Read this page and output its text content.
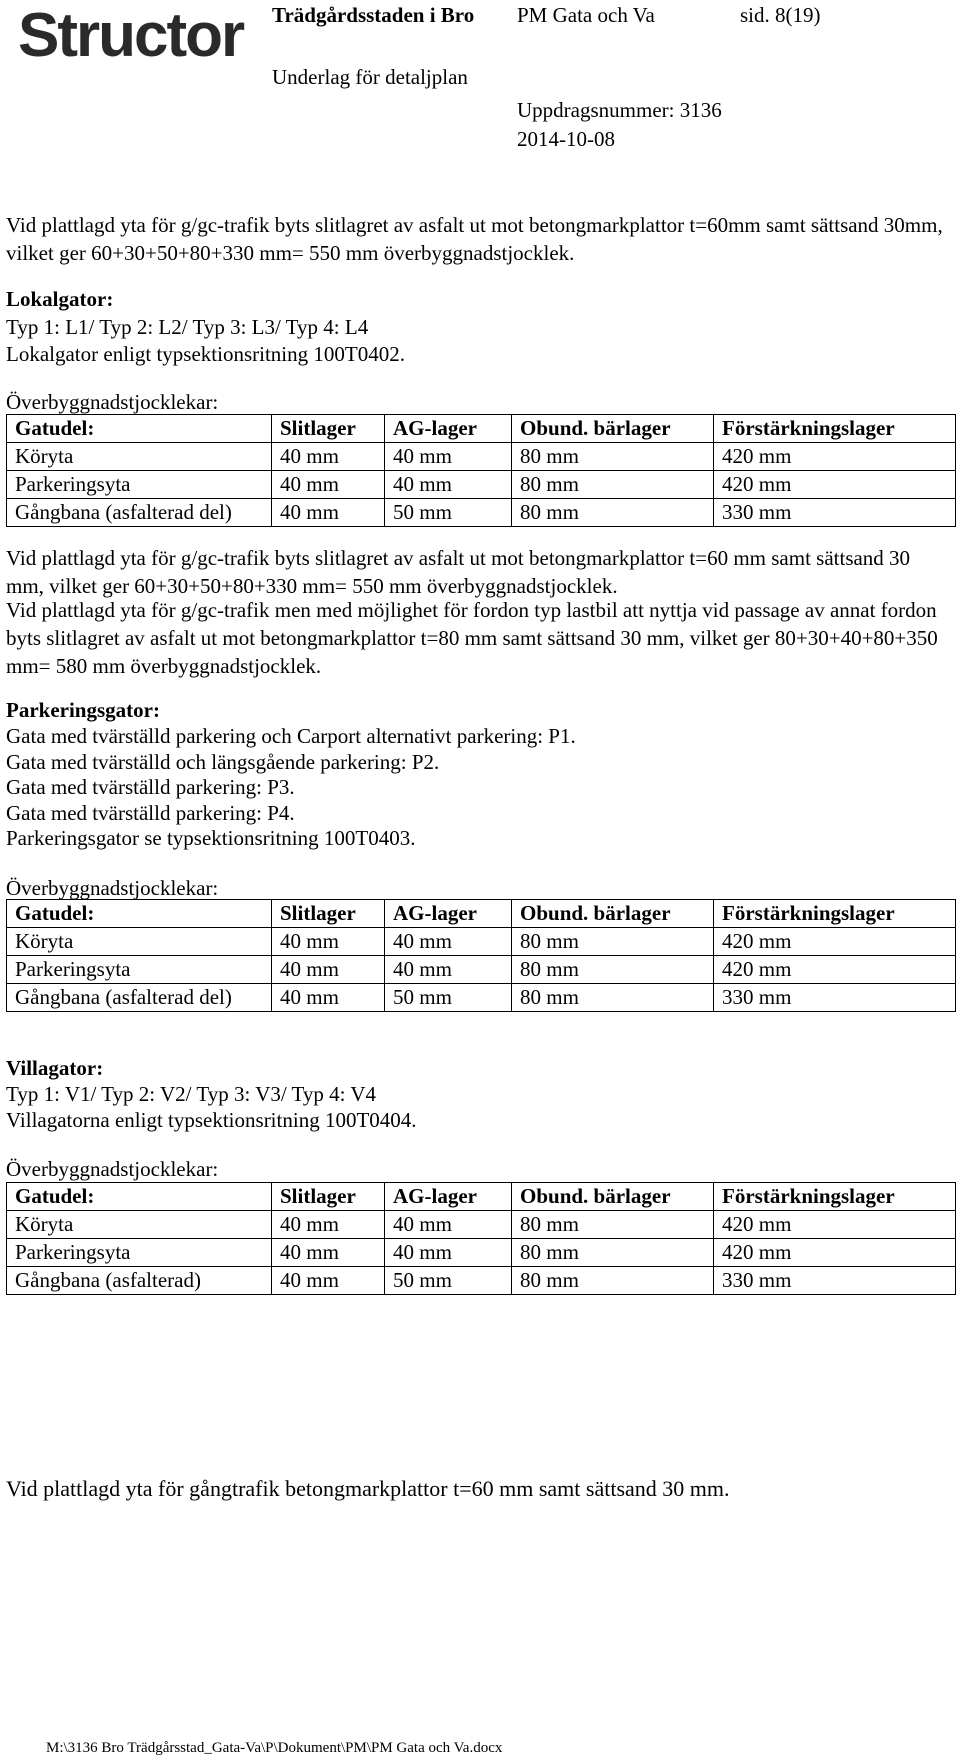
Structor Trädgårdsstaden i Bro PM Gata och Va	sid. 8(19)
Underlag för detaljplan
Uppdragsnummer: 3136
2014-10-08
Vid plattlagd yta för g/gc-trafik byts slitlagret av asfalt ut mot betongmarkplattor t=60mm samt sättsand 30mm, vilket ger 60+30+50+80+330 mm= 550 mm överbyggnadstjocklek.
Lokalgator:
Typ 1: L1/ Typ 2: L2/ Typ 3: L3/ Typ 4: L4
Lokalgator enligt typsektionsritning 100T0402.
Överbyggnadstjocklekar:
Gatudel:	Slitlager	AG-lager	Obund. bärlager	Förstärkningslager
Köryta	40 mm	40 mm	80 mm	420 mm
Parkeringsyta	40 mm	40 mm	80 mm	420 mm
Gångbana (asfalterad del)	40 mm	50 mm	80 mm	330 mm
Vid plattlagd yta för g/gc-trafik byts slitlagret av asfalt ut mot betongmarkplattor t=60 mm samt sättsand 30 mm, vilket ger 60+30+50+80+330 mm= 550 mm överbyggnadstjocklek.
Vid plattlagd yta för g/gc-trafik men med möjlighet för fordon typ lastbil att nyttja vid passage av annat fordon byts slitlagret av asfalt ut mot betongmarkplattor t=80 mm samt sättsand 30 mm, vilket ger 80+30+40+80+350 mm= 580 mm överbyggnadstjocklek.
Parkeringsgator:
Gata med tvärställd parkering och Carport alternativt parkering: P1.
Gata med tvärställd och längsgående parkering: P2.
Gata med tvärställd parkering: P3.
Gata med tvärställd parkering: P4.
Parkeringsgator se typsektionsritning 100T0403.
Överbyggnadstjocklekar:
Gatudel:	Slitlager	AG-lager	Obund. bärlager	Förstärkningslager
Köryta	40 mm	40 mm	80 mm	420 mm
Parkeringsyta	40 mm	40 mm	80 mm	420 mm
Gångbana (asfalterad del)	40 mm	50 mm	80 mm	330 mm
Villagator:
Typ 1: V1/ Typ 2: V2/ Typ 3: V3/ Typ 4: V4
Villagatorna enligt typsektionsritning 100T0404.
Överbyggnadstjocklekar:
Gatudel:	Slitlager	AG-lager	Obund. bärlager	Förstärkningslager
Köryta	40 mm	40 mm	80 mm	420 mm
Parkeringsyta	40 mm	40 mm	80 mm	420 mm
Gångbana (asfalterad)	40 mm	50 mm	80 mm	330 mm
Vid plattlagd yta för gångtrafik betongmarkplattor t=60 mm samt sättsand 30 mm.
M:\3136 Bro Trädgårsstad_Gata-Va\P\Dokument\PM\PM Gata och Va.docx
